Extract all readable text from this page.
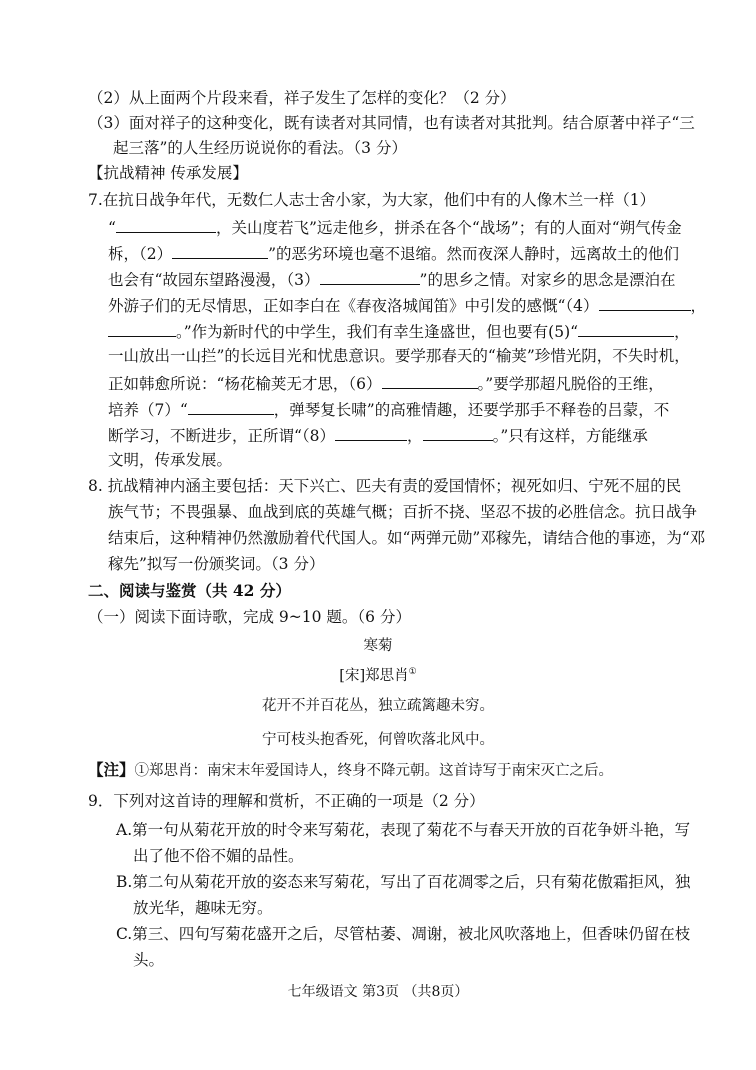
（2）从上面两个片段来看，祥子发生了怎样的变化？（2 分）
（3）面对祥子的这种变化，既有读者对其同情，也有读者对其批判。结合原著中祥子“三
起三落”的人生经历说说你的看法。（3 分）
【抗战精神 传承发展】
7.在抗日战争年代，无数仁人志士舍小家，为大家，他们中有的人像木兰一样（1）
“	，关山度若飞”远走他乡，拼杀在各个“战场”；有的人面对“朔气传金
柝，（2）	”的恶劣环境也毫不退缩。然而夜深人静时，远离故土的他们
也会有“故园东望路漫漫，（3）	”的思乡之情。对家乡的思念是漂泊在
外游子们的无尽情思，正如李白在《春夜洛城闻笛》中引发的感慨“（4）	，
。”作为新时代的中学生，我们有幸生逢盛世，但也要有(5)“	，
一山放出一山拦”的长远目光和忧患意识。要学那春天的“榆荚”珍惜光阴，不失时机，
正如韩愈所说：“杨花榆荚无才思，（6）	。”要学那超凡脱俗的王维，
培养（7）“	，弹琴复长啸”的高雅情趣，还要学那手不释卷的吕蒙，不
断学习，不断进步，正所谓“（8）	，	。”只有这样，方能继承
文明，传承发展。
8. 抗战精神内涵主要包括：天下兴亡、匹夫有责的爱国情怀；视死如归、宁死不屈的民
族气节；不畏强暴、血战到底的英雄气概；百折不挠、坚忍不拔的必胜信念。抗日战争
结束后，这种精神仍然激励着代代国人。如“两弹元勋”邓稼先，请结合他的事迹，为“邓
稼先”拟写一份颁奖词。（3 分）
二、阅读与鉴赏（共 42 分）
（一）阅读下面诗歌，完成 9~10 题。（6 分）
寒菊
[宋]郑思肖①
花开不并百花丛，独立疏篱趣未穷。
宁可枝头抱香死，何曾吹落北风中。
【注】①郑思肖：南宋末年爱国诗人，终身不降元朝。这首诗写于南宋灭亡之后。
9．下列对这首诗的理解和赏析，不正确的一项是（2 分）
A.第一句从菊花开放的时令来写菊花，表现了菊花不与春天开放的百花争妍斗艳，写
出了他不俗不媚的品性。
B.第二句从菊花开放的姿态来写菊花，写出了百花凋零之后，只有菊花傲霜拒风，独
放光华，趣味无穷。
C.第三、四句写菊花盛开之后，尽管枯萎、凋谢，被北风吹落地上，但香味仍留在枝
头。
七年级语文 第3页 （共8页）
